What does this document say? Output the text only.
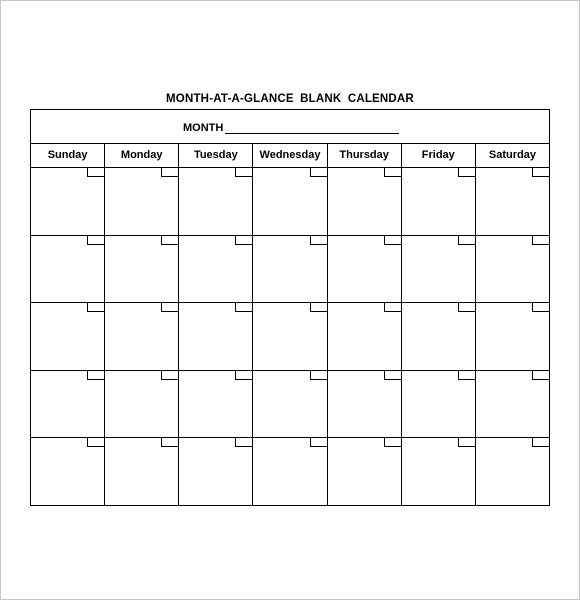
MONTH-AT-A-GLANCE BLANK CALENDAR
MONTH
Sunday	Monday	Tuesday	Wednesday	Thursday	Friday	Saturday
